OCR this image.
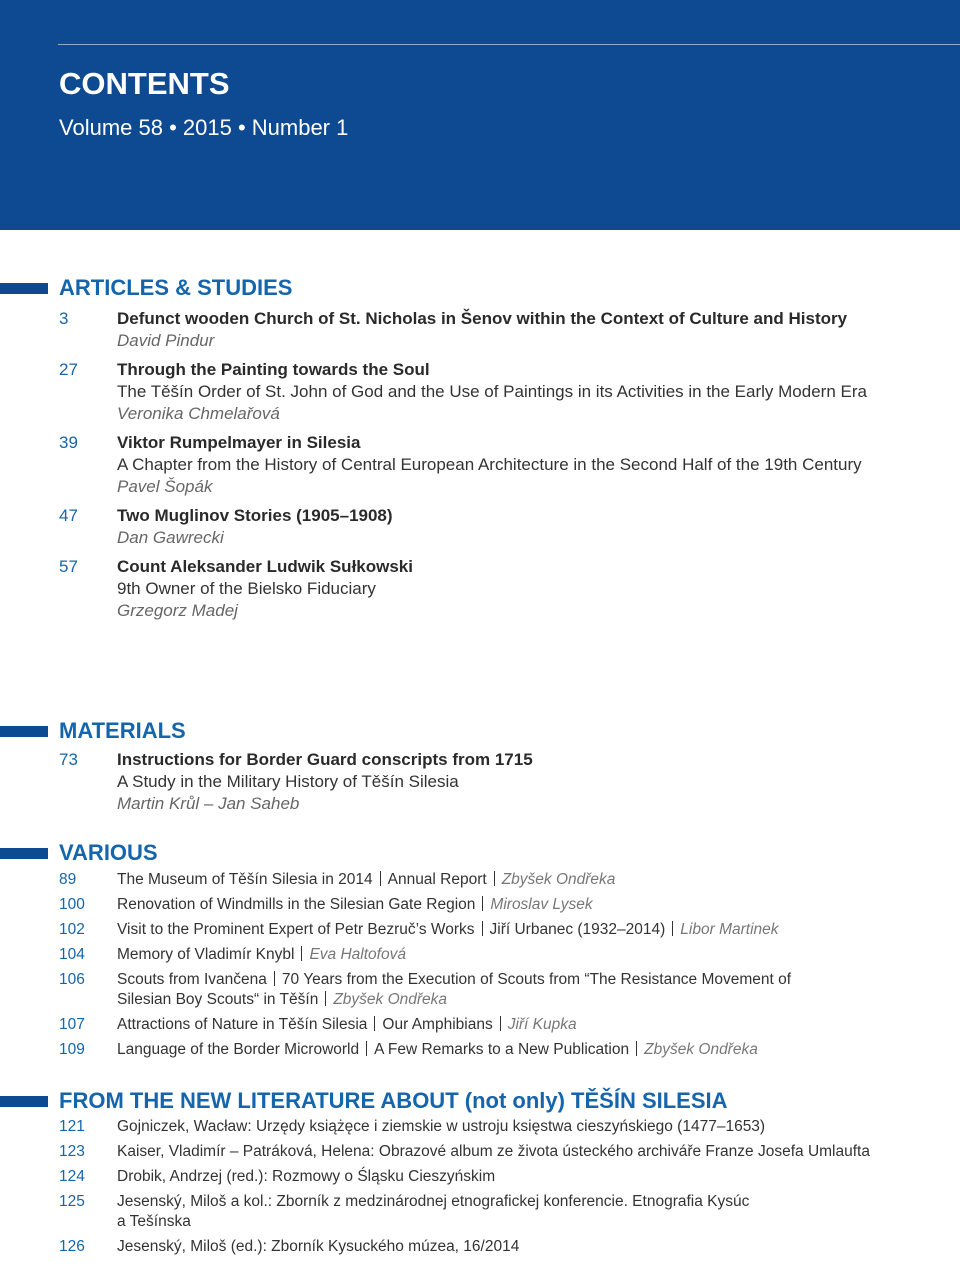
CONTENTS
Volume 58 • 2015 • Number 1
ARTICLES & STUDIES
3	Defunct wooden Church of St. Nicholas in Šenov within the Context of Culture and History
David Pindur
27 Through the Painting towards the Soul
The Těšín Order of St. John of God and the Use of Paintings in its Activities in the Early Modern Era
Veronika Chmelařová
39 Viktor Rumpelmayer in Silesia
A Chapter from the History of Central European Architecture in the Second Half of the 19th Century
Pavel Šopák
47 Two Muglinov Stories (1905–1908)
Dan Gawrecki
57 Count Aleksander Ludwik Sułkowski
9th Owner of the Bielsko Fiduciary
Grzegorz Madej
MATERIALS
73 Instructions for Border Guard conscripts from 1715
A Study in the Military History of Těšín Silesia
Martin Krůl – Jan Saheb
VARIOUS
89	The Museum of Těšín Silesia in 2014 Annual Report Zbyšek Ondřeka
100 Renovation of Windmills in the Silesian Gate Region Miroslav Lysek
102 Visit to the Prominent Expert of Petr Bezruč’s Works Jiří Urbanec (1932–2014) Libor Martinek
104 Memory of Vladimír Knybl Eva Haltofová
106 Scouts from Ivančena 70 Years from the Execution of Scouts from “The Resistance Movement of Silesian Boy Scouts“ in Těšín Zbyšek Ondřeka
107 Attractions of Nature in Těšín Silesia Our Amphibians Jiří Kupka
109 Language of the Border Microworld A Few Remarks to a New Publication Zbyšek Ondřeka
FROM THE NEW LITERATURE ABOUT (not only) TĚŠÍN SILESIA
121 Gojniczek, Wacław: Urzędy książęce i ziemskie w ustroju księstwa cieszyńskiego (1477–1653)
123 Kaiser, Vladimír – Patráková, Helena: Obrazové album ze života ústeckého archiváře Franze Josefa Umlaufta
124 Drobik, Andrzej (red.): Rozmowy o Śląsku Cieszyńskim
125 Jesenský, Miloš a kol.: Zborník z medzinárodnej etnografickej konferencie. Etnografia Kysúc a Tešínska
126 Jesenský, Miloš (ed.): Zborník Kysuckého múzea, 16/2014
